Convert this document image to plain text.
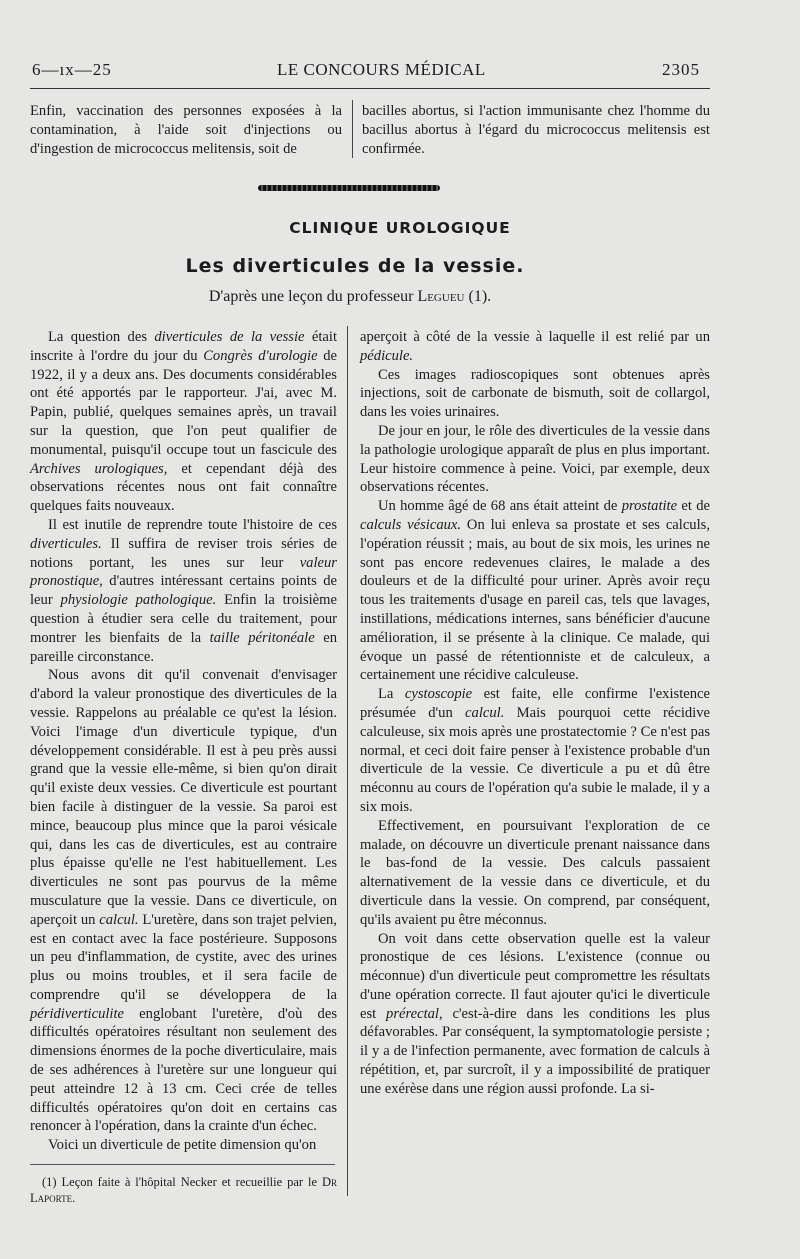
6—ıx—25	LE CONCOURS MÉDICAL	2305

Enfin, vaccination des personnes exposées à la contamination, à l'aide soit d'injections ou d'ingestion de micrococcus melitensis, soit de

bacilles abortus, si l'action immunisante chez l'homme du bacillus abortus à l'égard du micrococcus melitensis est confirmée.

CLINIQUE UROLOGIQUE
Les diverticules de la vessie.
D'après une leçon du professeur Legueu (1).

La question des diverticules de la vessie était inscrite à l'ordre du jour du Congrès d'urologie de 1922, il y a deux ans. Des documents considérables ont été apportés par le rapporteur. J'ai, avec M. Papin, publié, quelques semaines après, un travail sur la question, que l'on peut qualifier de monumental, puisqu'il occupe tout un fascicule des Archives urologiques, et cependant déjà des observations récentes nous ont fait connaître quelques faits nouveaux.

Il est inutile de reprendre toute l'histoire de ces diverticules. Il suffira de reviser trois séries de notions portant, les unes sur leur valeur pronostique, d'autres intéressant certains points de leur physiologie pathologique. Enfin la troisième question à étudier sera celle du traitement, pour montrer les bienfaits de la taille péritonéale en pareille circonstance.

Nous avons dit qu'il convenait d'envisager d'abord la valeur pronostique des diverticules de la vessie. Rappelons au préalable ce qu'est la lésion. Voici l'image d'un diverticule typique, d'un développement considérable. Il est à peu près aussi grand que la vessie elle-même, si bien qu'on dirait qu'il existe deux vessies. Ce diverticule est pourtant bien facile à distinguer de la vessie. Sa paroi est mince, beaucoup plus mince que la paroi vésicale qui, dans les cas de diverticules, est au contraire plus épaisse qu'elle ne l'est habituellement. Les diverticules ne sont pas pourvus de la même musculature que la vessie. Dans ce diverticule, on aperçoit un calcul. L'uretère, dans son trajet pelvien, est en contact avec la face postérieure. Supposons un peu d'inflammation, de cystite, avec des urines plus ou moins troubles, et il sera facile de comprendre qu'il se développera de la péridiverticulite englobant l'uretère, d'où des difficultés opératoires résultant non seulement des dimensions énormes de la poche diverticulaire, mais de ses adhérences à l'uretère sur une longueur qui peut atteindre 12 à 13 cm. Ceci crée de telles difficultés opératoires qu'on doit en certains cas renoncer à l'opération, dans la crainte d'un échec.

Voici un diverticule de petite dimension qu'on

aperçoit à côté de la vessie à laquelle il est relié par un pédicule.

Ces images radioscopiques sont obtenues après injections, soit de carbonate de bismuth, soit de collargol, dans les voies urinaires.

De jour en jour, le rôle des diverticules de la vessie dans la pathologie urologique apparaît de plus en plus important. Leur histoire commence à peine. Voici, par exemple, deux observations récentes.

Un homme âgé de 68 ans était atteint de prostatite et de calculs vésicaux. On lui enleva sa prostate et ses calculs, l'opération réussit ; mais, au bout de six mois, les urines ne sont pas encore redevenues claires, le malade a des douleurs et de la difficulté pour uriner. Après avoir reçu tous les traitements d'usage en pareil cas, tels que lavages, instillations, médications internes, sans bénéficier d'aucune amélioration, il se présente à la clinique. Ce malade, qui évoque un passé de rétentionniste et de calculeux, a certainement une récidive calculeuse.

La cystoscopie est faite, elle confirme l'existence présumée d'un calcul. Mais pourquoi cette récidive calculeuse, six mois après une prostatectomie ? Ce n'est pas normal, et ceci doit faire penser à l'existence probable d'un diverticule de la vessie. Ce diverticule a pu et dû être méconnu au cours de l'opération qu'a subie le malade, il y a six mois.

Effectivement, en poursuivant l'exploration de ce malade, on découvre un diverticule prenant naissance dans le bas-fond de la vessie. Des calculs passaient alternativement de la vessie dans ce diverticule, et du diverticule dans la vessie. On comprend, par conséquent, qu'ils avaient pu être méconnus.

On voit dans cette observation quelle est la valeur pronostique de ces lésions. L'existence (connue ou méconnue) d'un diverticule peut compromettre les résultats d'une opération correcte. Il faut ajouter qu'ici le diverticule est prérectal, c'est-à-dire dans les conditions les plus défavorables. Par conséquent, la symptomatologie persiste ; il y a de l'infection permanente, avec formation de calculs à répétition, et, par surcroît, il y a impossibilité de pratiquer une exérèse dans une région aussi profonde. La si-

(1) Leçon faite à l'hôpital Necker et recueillie par le Dr Laporte.
